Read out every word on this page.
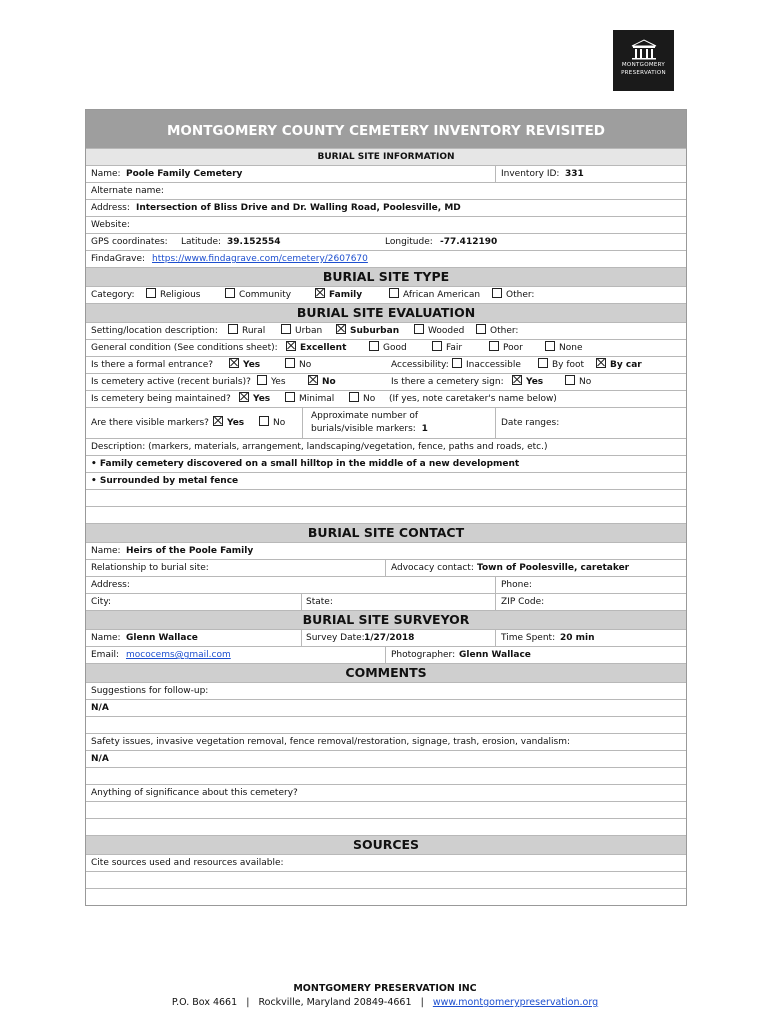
MONTGOMERY
PRESERVATION
MONTGOMERY COUNTY CEMETERY INVENTORY REVISITED
BURIAL SITE INFORMATION
Name: Poole Family Cemetery	Inventory ID: 331
Alternate name:
Address: Intersection of Bliss Drive and Dr. Walling Road, Poolesville, MD
Website:
GPS coordinates: Latitude: 39.152554	Longitude: -77.412190
FindaGrave: https://www.findagrave.com/cemetery/2607670
BURIAL SITE TYPE
Category:	Religious	Community	Family	African American	Other:
BURIAL SITE EVALUATION
Setting/location description:	Rural	Urban	Suburban	Wooded	Other:
General condition (See conditions sheet):	Excellent	Good	Fair	Poor	None
Is there a formal entrance?	Yes	No	Accessibility:	Inaccessible	By foot	By car
Is cemetery active (recent burials)?	Yes	No	Is there a cemetery sign:	Yes	No
Is cemetery being maintained?	Yes	Minimal	No (If yes, note caretaker's name below)
Are there visible markers?	Yes	No
Approximate number of
burials/visible markers: 1
Date ranges:
Description: (markers, materials, arrangement, landscaping/vegetation, fence, paths and roads, etc.)
• Family cemetery discovered on a small hilltop in the middle of a new development
• Surrounded by metal fence
BURIAL SITE CONTACT
Name: Heirs of the Poole Family
Relationship to burial site:	Advocacy contact: Town of Poolesville, caretaker
Address:	Phone:
City:	State:	ZIP Code:
BURIAL SITE SURVEYOR
Name: Glenn Wallace	Survey Date: 1/27/2018	Time Spent: 20 min
Email: mococems@gmail.com	Photographer: Glenn Wallace
COMMENTS
Suggestions for follow-up:
N/A
Safety issues, invasive vegetation removal, fence removal/restoration, signage, trash, erosion, vandalism:
N/A
Anything of significance about this cemetery?
SOURCES
Cite sources used and resources available:
MONTGOMERY PRESERVATION INC
P.O. Box 4661 | Rockville, Maryland 20849-4661 | www.montgomerypreservation.org
